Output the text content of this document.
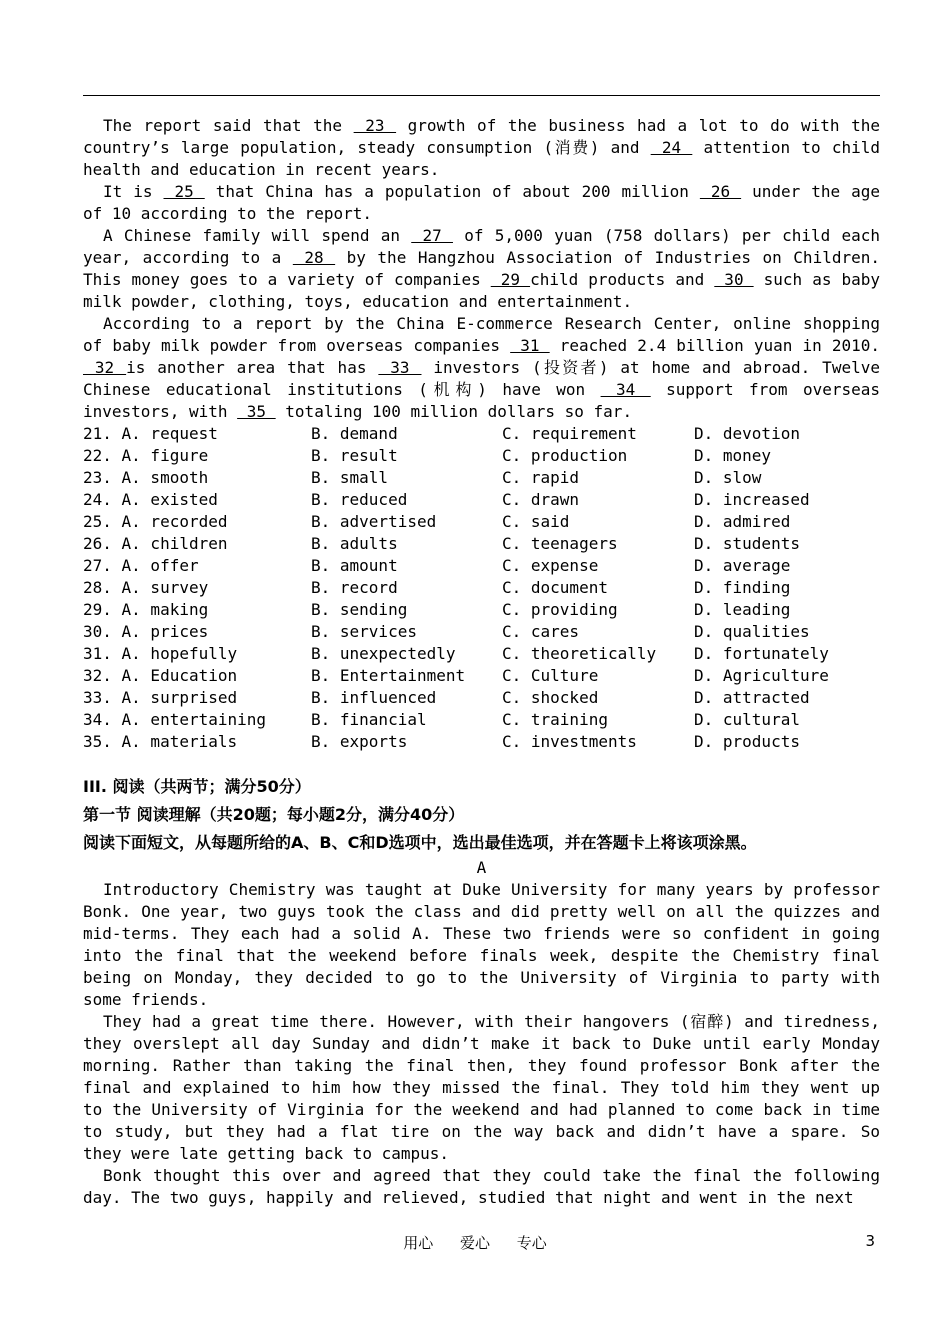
The report said that the  23  growth of the business had a lot to do with the country’s large population, steady consumption (消费) and  24  attention to child health and education in recent years.

It is  25  that China has a population of about 200 million  26  under the age of 10 according to the report.

A Chinese family will spend an  27  of 5,000 yuan (758 dollars) per child each year, according to a  28  by the Hangzhou Association of Industries on Children. This money goes to a variety of companies  29 child products and  30  such as baby milk powder, clothing, toys, education and entertainment.

According to a report by the China E-commerce Research Center, online shopping of baby milk powder from overseas companies  31  reached 2.4 billion yuan in 2010.  32 is another area that has  33  investors (投资者) at home and abroad. Twelve Chinese educational institutions (机构) have won  34  support from overseas investors, with  35  totaling 100 million dollars so far.

21. A. request	B. demand	C. requirement	D. devotion
22. A. figure	B. result	C. production	D. money
23. A. smooth	B. small	C. rapid	D. slow
24. A. existed	B. reduced	C. drawn	D. increased
25. A. recorded	B. advertised	C. said	D. admired
26. A. children	B. adults	C. teenagers	D. students
27. A. offer	B. amount	C. expense	D. average
28. A. survey	B. record	C. document	D. finding
29. A. making	B. sending	C. providing	D. leading
30. A. prices	B. services	C. cares	D. qualities
31. A. hopefully	B. unexpectedly	C. theoretically	D. fortunately
32. A. Education	B. Entertainment	C. Culture	D. Agriculture
33. A. surprised	B. influenced	C. shocked	D. attracted
34. A. entertaining	B. financial	C. training	D. cultural
35. A. materials	B. exports	C. investments	D. products

III. 阅读（共两节；满分50分）

第一节 阅读理解（共20题；每小题2分，满分40分）

阅读下面短文，从每题所给的A、B、C和D选项中，选出最佳选项，并在答题卡上将该项涂黑。

A

Introductory Chemistry was taught at Duke University for many years by professor Bonk. One year, two guys took the class and did pretty well on all the quizzes and mid-terms. They each had a solid A. These two friends were so confident in going into the final that the weekend before finals week, despite the Chemistry final being on Monday, they decided to go to the University of Virginia to party with some friends.

They had a great time there. However, with their hangovers (宿醉) and tiredness, they overslept all day Sunday and didn’t make it back to Duke until early Monday morning. Rather than taking the final then, they found professor Bonk after the final and explained to him how they missed the final. They told him they went up to the University of Virginia for the weekend and had planned to come back in time to study, but they had a flat tire on the way back and didn’t have a spare. So they were late getting back to campus.

Bonk thought this over and agreed that they could take the final the following day. The two guys, happily and relieved, studied that night and went in the next

用心 爱心 专心	3
